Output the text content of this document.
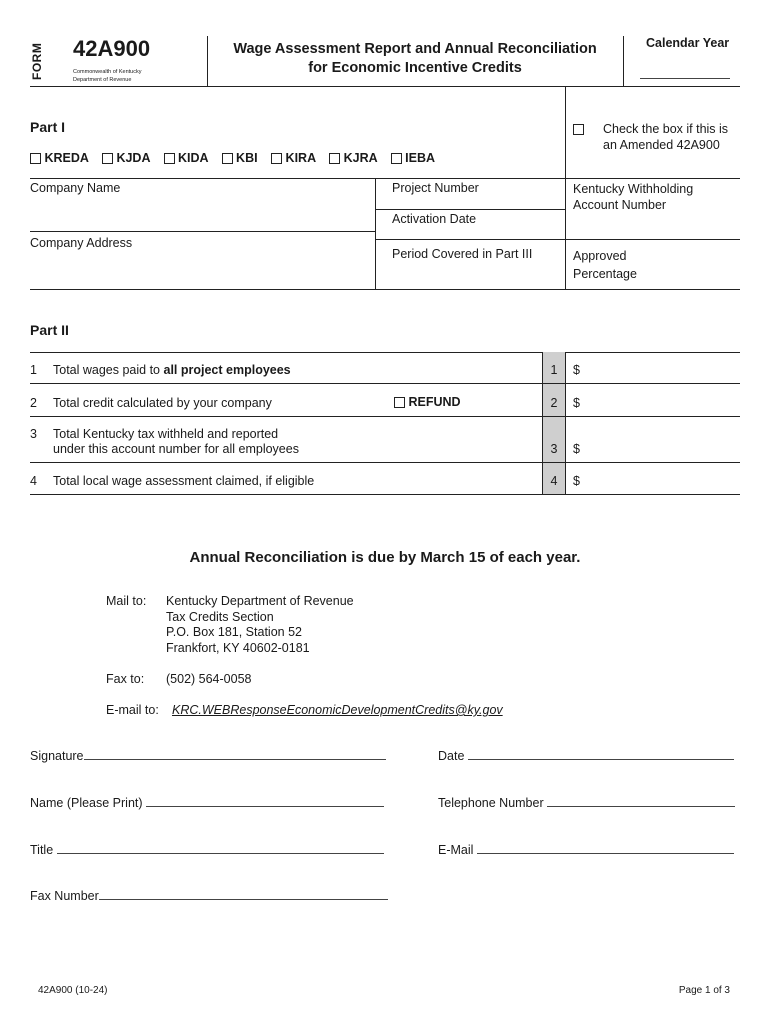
FORM 42A900
Commonwealth of Kentucky
Department of Revenue
Wage Assessment Report and Annual Reconciliation
for Economic Incentive Credits
Calendar Year
Part I	Check the box if this is
an Amended 42A900
KREDA KJDA KIDA KBI KIRA KJRA IEBA
Company Name
Company Address
Project Number
Activation Date
Period Covered in Part III
Kentucky Withholding
Account Number
Approved
Percentage
Part II
1 Total wages paid to all project employees	1	$
2 Total credit calculated by your company	REFUND	2	$
3 Total Kentucky tax withheld and reported
under this account number for all employees	3	$
4 Total local wage assessment claimed, if eligible	4	$
Annual Reconciliation is due by March 15 of each year.
Mail to: Kentucky Department of Revenue
Tax Credits Section
P.O. Box 181, Station 52
Frankfort, KY 40602-0181
Fax to: (502) 564-0058
E-mail to: KRC.WEBResponseEconomicDevelopmentCredits@ky.gov
Signature	Date
Name (Please Print)	Telephone Number
Title	E-Mail
Fax Number
42A900 (10-24)	Page 1 of 3
